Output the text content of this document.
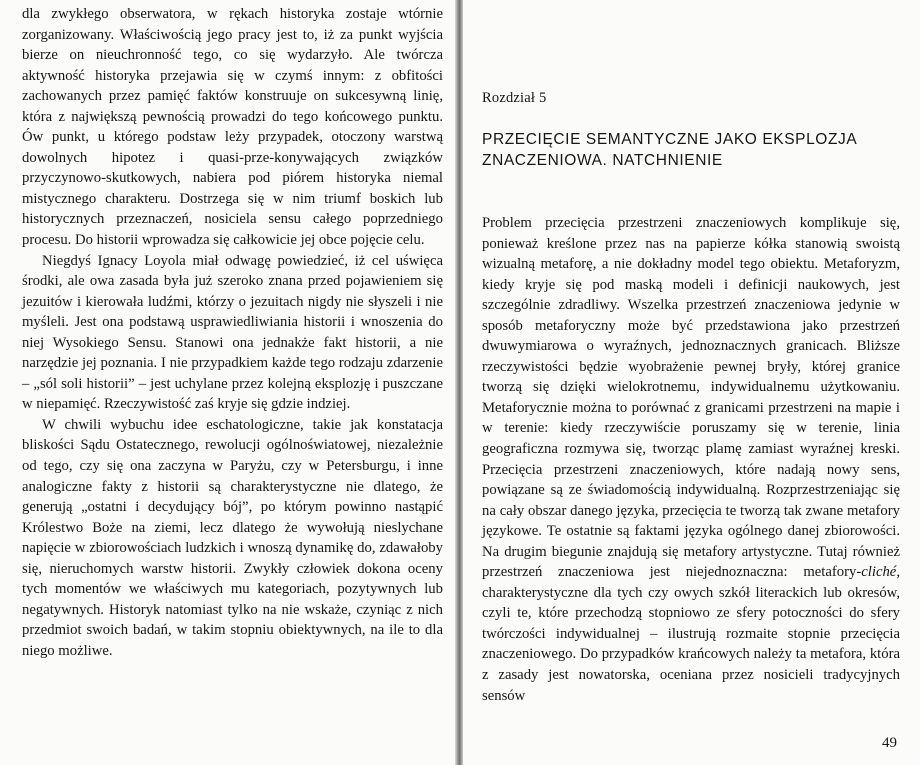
dla zwykłego obserwatora, w rękach historyka zostaje wtórnie zorganizowany. Właściwością jego pracy jest to, iż za punkt wyjścia bierze on nieuchronność tego, co się wydarzyło. Ale twórcza aktywność historyka przejawia się w czymś innym: z obfitości zachowanych przez pamięć faktów konstruuje on sukcesywną linię, która z największą pewnością prowadzi do tego końcowego punktu. Ów punkt, u którego podstaw leży przypadek, otoczony warstwą dowolnych hipotez i quasi-prze-konywających związków przyczynowo-skutkowych, nabiera pod piórem historyka niemal mistycznego charakteru. Dostrzega się w nim triumf boskich lub historycznych przeznaczeń, nosiciela sensu całego poprzedniego procesu. Do historii wprowadza się całkowicie jej obce pojęcie celu.

Niegdyś Ignacy Loyola miał odwagę powiedzieć, iż cel uświęca środki, ale owa zasada była już szeroko znana przed pojawieniem się jezuitów i kierowała ludźmi, którzy o jezuitach nigdy nie słyszeli i nie myśleli. Jest ona podstawą usprawiedliwiania historii i wnoszenia do niej Wysokiego Sensu. Stanowi ona jednakże fakt historii, a nie narzędzie jej poznania. I nie przypadkiem każde tego rodzaju zdarzenie – „sól soli historii” – jest uchylane przez kolejną eksplozję i puszczane w niepamięć. Rzeczywistość zaś kryje się gdzie indziej.

W chwili wybuchu idee eschatologiczne, takie jak konstatacja bliskości Sądu Ostatecznego, rewolucji ogólnoświatowej, niezależnie od tego, czy się ona zaczyna w Paryżu, czy w Petersburgu, i inne analogiczne fakty z historii są charakterystyczne nie dlatego, że generują „ostatni i decydujący bój”, po którym powinno nastąpić Królestwo Boże na ziemi, lecz dlatego że wywołują nieslychane napięcie w zbiorowościach ludzkich i wnoszą dynamikę do, zdawałoby się, nieruchomych warstw historii. Zwykły człowiek dokona oceny tych momentów we właściwych mu kategoriach, pozytywnych lub negatywnych. Historyk natomiast tylko na nie wskaże, czyniąc z nich przedmiot swoich badań, w takim stopniu obiektywnych, na ile to dla niego możliwe.

Rozdział 5
PRZECIĘCIE SEMANTYCZNE JAKO EKSPLOZJA ZNACZENIOWA. NATCHNIENIE

Problem przecięcia przestrzeni znaczeniowych komplikuje się, ponieważ kreślone przez nas na papierze kółka stanowią swoistą wizualną metaforę, a nie dokładny model tego obiektu. Metaforyzm, kiedy kryje się pod maską modeli i definicji naukowych, jest szczególnie zdradliwy. Wszelka przestrzeń znaczeniowa jedynie w sposób metaforyczny może być przedstawiona jako przestrzeń dwuwymiarowa o wyraźnych, jednoznacznych granicach. Bliższe rzeczywistości będzie wyobrażenie pewnej bryły, której granice tworzą się dzięki wielokrotnemu, indywidualnemu użytkowaniu. Metaforycznie można to porównać z granicami przestrzeni na mapie i w terenie: kiedy rzeczywiście poruszamy się w terenie, linia geograficzna rozmywa się, tworząc plamę zamiast wyraźnej kreski. Przecięcia przestrzeni znaczeniowych, które nadają nowy sens, powiązane są ze świadomością indywidualną. Rozprzestrzeniając się na cały obszar danego języka, przecięcia te tworzą tak zwane metafory językowe. Te ostatnie są faktami języka ogólnego danej zbiorowości. Na drugim biegunie znajdują się metafory artystyczne. Tutaj również przestrzeń znaczeniowa jest niejednoznaczna: metafory-cliché, charakterystyczne dla tych czy owych szkół literackich lub okresów, czyli te, które przechodzą stopniowo ze sfery potoczności do sfery twórczości indywidualnej – ilustrują rozmaite stopnie przecięcia znaczeniowego. Do przypadków krańcowych należy ta metafora, która z zasady jest nowatorska, oceniana przez nosicieli tradycyjnych sensów

49
